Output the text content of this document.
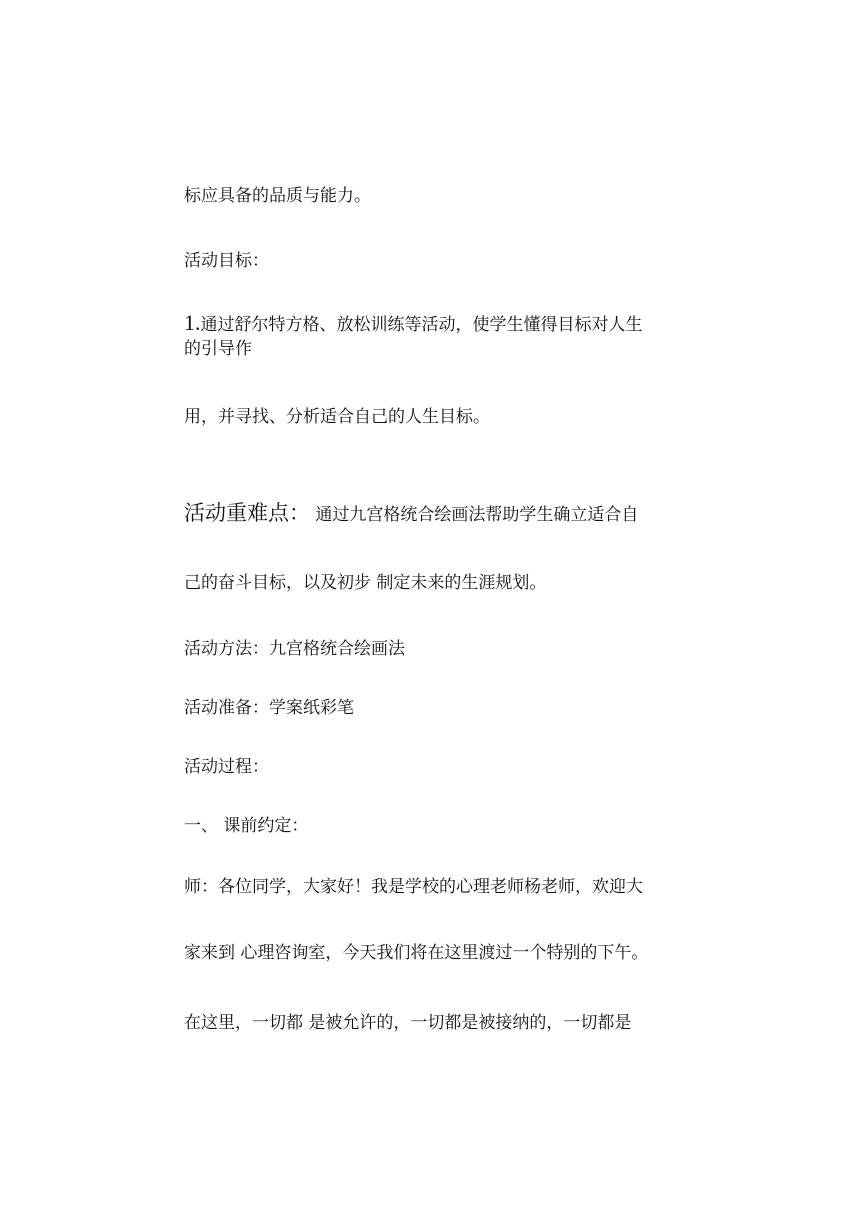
标应具备的品质与能力。

活动目标：

1.通过舒尔特方格、放松训练等活动，使学生懂得目标对人生

的引导作

用，并寻找、分析适合自己的人生目标。

活动重难点： 通过九宫格统合绘画法帮助学生确立适合自

己的奋斗目标，以及初步 制定未来的生涯规划。

活动方法：九宫格统合绘画法

活动准备：学案纸彩笔

活动过程：

一、 课前约定：

师：各位同学，大家好！我是学校的心理老师杨老师，欢迎大

家来到 心理咨询室，今天我们将在这里渡过一个特别的下午。

在这里，一切都 是被允许的，一切都是被接纳的，一切都是
